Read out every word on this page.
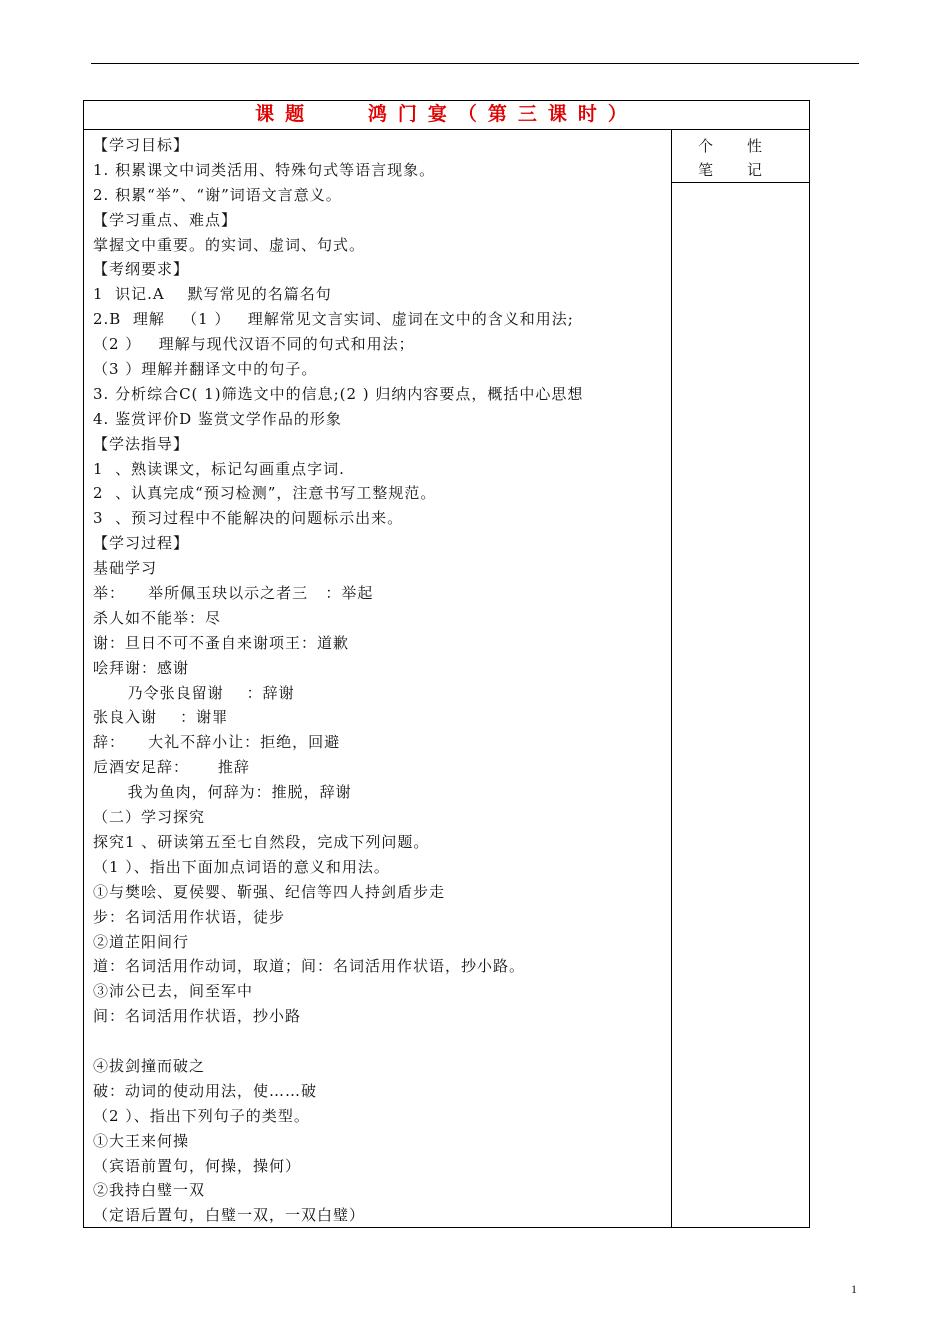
课题   鸿门宴（第三课时）
【学习目标】
1. 积累课文中词类活用、特殊句式等语言现象。
2. 积累“举”、“谢”词语文言意义。
【学习重点、难点】
掌握文中重要。的实词、虚词、句式。
【考纲要求】
1  识记.A    默写常见的名篇名句
2.B  理解   （1 ）   理解常见文言实词、虚词在文中的含义和用法;
（2 ）   理解与现代汉语不同的句式和用法；
（3 ）理解并翻译文中的句子。
3. 分析综合C( 1)筛选文中的信息;(2 ) 归纳内容要点，概括中心思想
4. 鉴赏评价D 鉴赏文学作品的形象
【学法指导】
1  、熟读课文，标记勾画重点字词.
2  、认真完成“预习检测”，注意书写工整规范。
3  、预习过程中不能解决的问题标示出来。
【学习过程】
基础学习
举：    举所佩玉玦以示之者三   ：举起
杀人如不能举：尽
谢：旦日不可不蚤自来谢项王：道歉
哙拜谢：感谢
乃令张良留谢    ：辞谢
张良入谢    ：谢罪
辞：    大礼不辞小让：拒绝，回避
卮酒安足辞：     推辞
我为鱼肉，何辞为：推脱，辞谢
（二）学习探究
探究1 、研读第五至七自然段，完成下列问题。
（1 ）、指出下面加点词语的意义和用法。
①与樊哙、夏侯婴、靳强、纪信等四人持剑盾步走
步：名词活用作状语，徒步
②道芷阳间行
道：名词活用作动词，取道；间：名词活用作状语，抄小路。
③沛公已去，间至军中
间：名词活用作状语，抄小路
④拔剑撞而破之
破：动词的使动用法，使……破
（2 ）、指出下列句子的类型。
①大王来何操
（宾语前置句，何操，操何）
②我持白璧一双
（定语后置句，白璧一双，一双白璧）
个性笔记
1
